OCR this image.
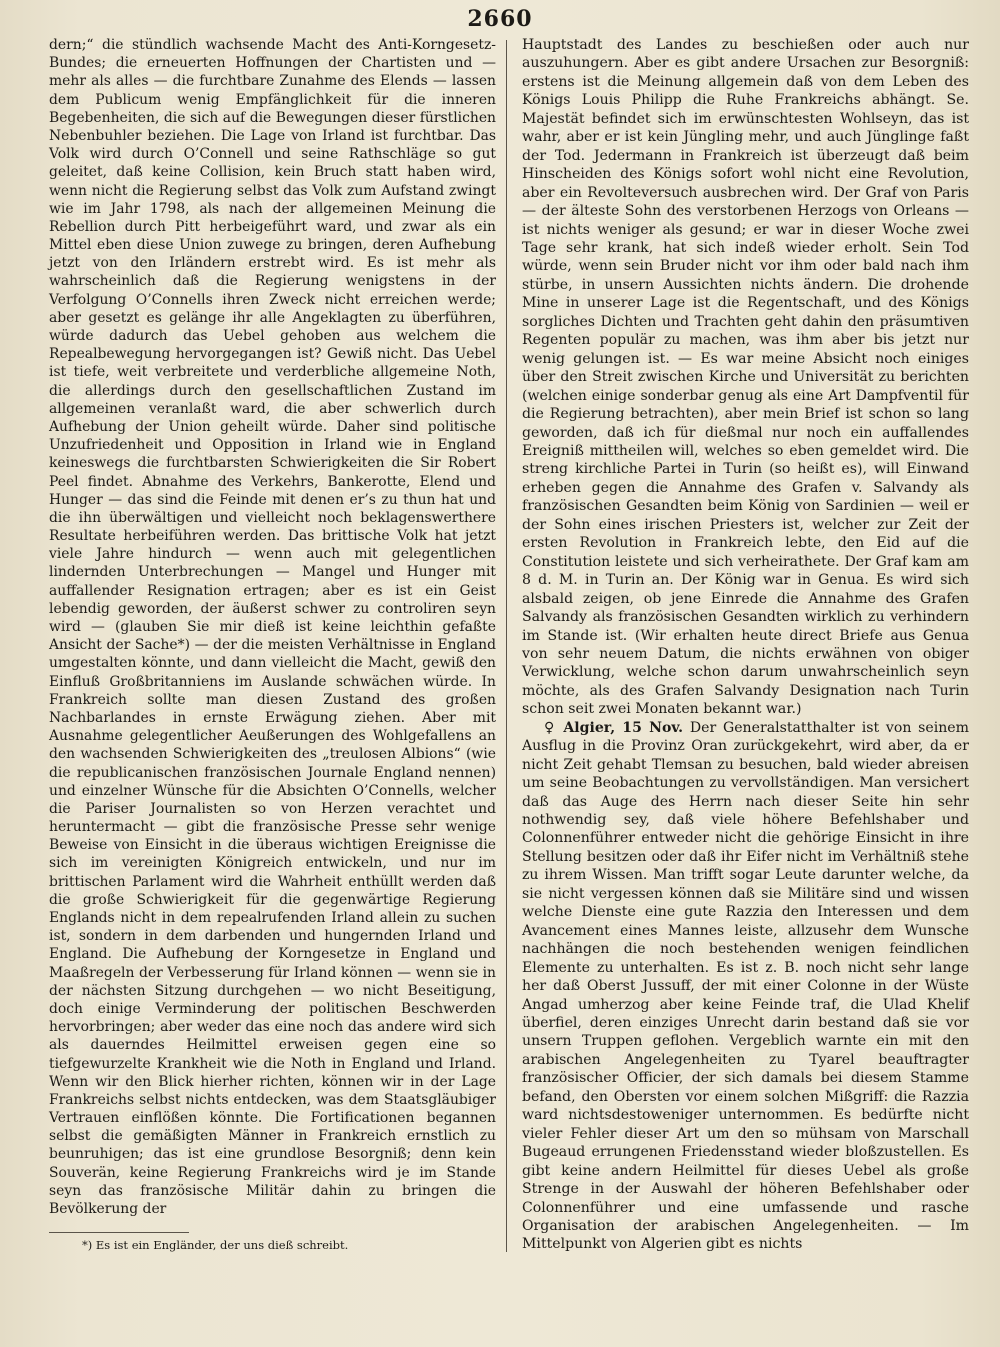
2660

dern;“ die stündlich wachsende Macht des Anti-Korngesetz-Bundes; die erneuerten Hoffnungen der Chartisten und — mehr als alles — die furchtbare Zunahme des Elends — lassen dem Publicum wenig Empfänglichkeit für die inneren Begebenheiten, die sich auf die Bewegungen dieser fürstlichen Nebenbuhler beziehen. Die Lage von Irland ist furchtbar. Das Volk wird durch O’Connell und seine Rathschläge so gut geleitet, daß keine Collision, kein Bruch statt haben wird, wenn nicht die Regierung selbst das Volk zum Aufstand zwingt wie im Jahr 1798, als nach der allgemeinen Meinung die Rebellion durch Pitt herbeigeführt ward, und zwar als ein Mittel eben diese Union zuwege zu bringen, deren Aufhebung jetzt von den Irländern erstrebt wird. Es ist mehr als wahrscheinlich daß die Regierung wenigstens in der Verfolgung O’Connells ihren Zweck nicht erreichen werde; aber gesetzt es gelänge ihr alle Angeklagten zu überführen, würde dadurch das Uebel gehoben aus welchem die Repealbewegung hervorgegangen ist? Gewiß nicht. Das Uebel ist tiefe, weit verbreitete und verderbliche allgemeine Noth, die allerdings durch den gesellschaftlichen Zustand im allgemeinen veranlaßt ward, die aber schwerlich durch Aufhebung der Union geheilt würde. Daher sind politische Unzufriedenheit und Opposition in Irland wie in England keineswegs die furchtbarsten Schwierigkeiten die Sir Robert Peel findet. Abnahme des Verkehrs, Bankerotte, Elend und Hunger — das sind die Feinde mit denen er’s zu thun hat und die ihn überwältigen und vielleicht noch beklagenswerthere Resultate herbeiführen werden. Das brittische Volk hat jetzt viele Jahre hindurch — wenn auch mit gelegentlichen lindernden Unterbrechungen — Mangel und Hunger mit auffallender Resignation ertragen; aber es ist ein Geist lebendig geworden, der äußerst schwer zu controliren seyn wird — (glauben Sie mir dieß ist keine leichthin gefaßte Ansicht der Sache*) — der die meisten Verhältnisse in England umgestalten könnte, und dann vielleicht die Macht, gewiß den Einfluß Großbritanniens im Auslande schwächen würde. In Frankreich sollte man diesen Zustand des großen Nachbarlandes in ernste Erwägung ziehen. Aber mit Ausnahme gelegentlicher Aeußerungen des Wohlgefallens an den wachsenden Schwierigkeiten des „treulosen Albions“ (wie die republicanischen französischen Journale England nennen) und einzelner Wünsche für die Absichten O’Connells, welcher die Pariser Journalisten so von Herzen verachtet und heruntermacht — gibt die französische Presse sehr wenige Beweise von Einsicht in die überaus wichtigen Ereignisse die sich im vereinigten Königreich entwickeln, und nur im brittischen Parlament wird die Wahrheit enthüllt werden daß die große Schwierigkeit für die gegenwärtige Regierung Englands nicht in dem repealrufenden Irland allein zu suchen ist, sondern in dem darbenden und hungernden Irland und England. Die Aufhebung der Korngesetze in England und Maaßregeln der Verbesserung für Irland können — wenn sie in der nächsten Sitzung durchgehen — wo nicht Beseitigung, doch einige Verminderung der politischen Beschwerden hervorbringen; aber weder das eine noch das andere wird sich als dauerndes Heilmittel erweisen gegen eine so tiefgewurzelte Krankheit wie die Noth in England und Irland. Wenn wir den Blick hierher richten, können wir in der Lage Frankreichs selbst nichts entdecken, was dem Staatsgläubiger Vertrauen einflößen könnte. Die Fortificationen begannen selbst die gemäßigten Männer in Frankreich ernstlich zu beunruhigen; das ist eine grundlose Besorgniß; denn kein Souverän, keine Regierung Frankreichs wird je im Stande seyn das französische Militär dahin zu bringen die Bevölkerung der

Hauptstadt des Landes zu beschießen oder auch nur auszuhungern. Aber es gibt andere Ursachen zur Besorgniß: erstens ist die Meinung allgemein daß von dem Leben des Königs Louis Philipp die Ruhe Frankreichs abhängt. Se. Majestät befindet sich im erwünschtesten Wohlseyn, das ist wahr, aber er ist kein Jüngling mehr, und auch Jünglinge faßt der Tod. Jedermann in Frankreich ist überzeugt daß beim Hinscheiden des Königs sofort wohl nicht eine Revolution, aber ein Revolteversuch ausbrechen wird. Der Graf von Paris — der älteste Sohn des verstorbenen Herzogs von Orleans — ist nichts weniger als gesund; er war in dieser Woche zwei Tage sehr krank, hat sich indeß wieder erholt. Sein Tod würde, wenn sein Bruder nicht vor ihm oder bald nach ihm stürbe, in unsern Aussichten nichts ändern. Die drohende Mine in unserer Lage ist die Regentschaft, und des Königs sorgliches Dichten und Trachten geht dahin den präsumtiven Regenten populär zu machen, was ihm aber bis jetzt nur wenig gelungen ist. — Es war meine Absicht noch einiges über den Streit zwischen Kirche und Universität zu berichten (welchen einige sonderbar genug als eine Art Dampfventil für die Regierung betrachten), aber mein Brief ist schon so lang geworden, daß ich für dießmal nur noch ein auffallendes Ereigniß mittheilen will, welches so eben gemeldet wird. Die streng kirchliche Partei in Turin (so heißt es), will Einwand erheben gegen die Annahme des Grafen v. Salvandy als französischen Gesandten beim König von Sardinien — weil er der Sohn eines irischen Priesters ist, welcher zur Zeit der ersten Revolution in Frankreich lebte, den Eid auf die Constitution leistete und sich verheirathete. Der Graf kam am 8 d. M. in Turin an. Der König war in Genua. Es wird sich alsbald zeigen, ob jene Einrede die Annahme des Grafen Salvandy als französischen Gesandten wirklich zu verhindern im Stande ist. (Wir erhalten heute direct Briefe aus Genua von sehr neuem Datum, die nichts erwähnen von obiger Verwicklung, welche schon darum unwahrscheinlich seyn möchte, als des Grafen Salvandy Designation nach Turin schon seit zwei Monaten bekannt war.)

♀ Algier, 15 Nov. Der Generalstatthalter ist von seinem Ausflug in die Provinz Oran zurückgekehrt, wird aber, da er nicht Zeit gehabt Tlemsan zu besuchen, bald wieder abreisen um seine Beobachtungen zu vervollständigen. Man versichert daß das Auge des Herrn nach dieser Seite hin sehr nothwendig sey, daß viele höhere Befehlshaber und Colonnenführer entweder nicht die gehörige Einsicht in ihre Stellung besitzen oder daß ihr Eifer nicht im Verhältniß stehe zu ihrem Wissen. Man trifft sogar Leute darunter welche, da sie nicht vergessen können daß sie Militäre sind und wissen welche Dienste eine gute Razzia den Interessen und dem Avancement eines Mannes leiste, allzusehr dem Wunsche nachhängen die noch bestehenden wenigen feindlichen Elemente zu unterhalten. Es ist z. B. noch nicht sehr lange her daß Oberst Jussuff, der mit einer Colonne in der Wüste Angad umherzog aber keine Feinde traf, die Ulad Khelif überfiel, deren einziges Unrecht darin bestand daß sie vor unsern Truppen geflohen. Vergeblich warnte ein mit den arabischen Angelegenheiten zu Tyarel beauftragter französischer Officier, der sich damals bei diesem Stamme befand, den Obersten vor einem solchen Mißgriff: die Razzia ward nichtsdestoweniger unternommen. Es bedürfte nicht vieler Fehler dieser Art um den so mühsam von Marschall Bugeaud errungenen Friedensstand wieder bloßzustellen. Es gibt keine andern Heilmittel für dieses Uebel als große Strenge in der Auswahl der höheren Befehlshaber oder Colonnenführer und eine umfassende und rasche Organisation der arabischen Angelegenheiten. — Im Mittelpunkt von Algerien gibt es nichts

*) Es ist ein Engländer, der uns dieß schreibt.
